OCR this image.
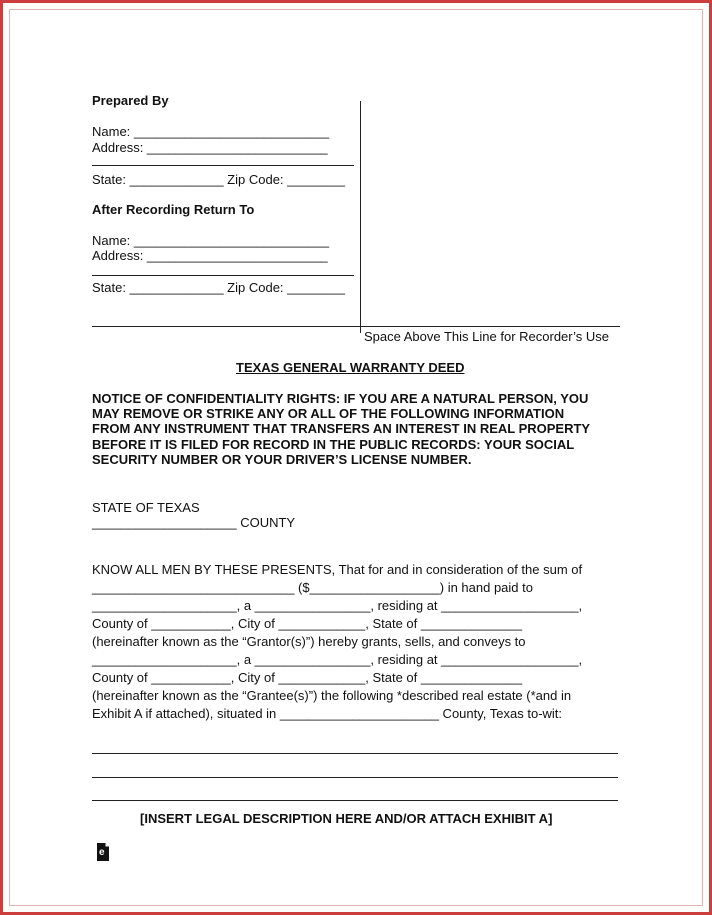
Prepared By
Name: ___________________________
Address: _________________________
State: _____________ Zip Code: ________
After Recording Return To
Name: ___________________________
Address: _________________________
State: _____________ Zip Code: ________
Space Above This Line for Recorder’s Use
TEXAS GENERAL WARRANTY DEED
NOTICE OF CONFIDENTIALITY RIGHTS: IF YOU ARE A NATURAL PERSON, YOU
MAY REMOVE OR STRIKE ANY OR ALL OF THE FOLLOWING INFORMATION
FROM ANY INSTRUMENT THAT TRANSFERS AN INTEREST IN REAL PROPERTY
BEFORE IT IS FILED FOR RECORD IN THE PUBLIC RECORDS: YOUR SOCIAL
SECURITY NUMBER OR YOUR DRIVER’S LICENSE NUMBER.
STATE OF TEXAS
____________________ COUNTY
KNOW ALL MEN BY THESE PRESENTS, That for and in consideration of the sum of
____________________________ ($__________________) in hand paid to
____________________, a ________________, residing at ___________________,
County of ___________, City of ____________, State of ______________
(hereinafter known as the “Grantor(s)”) hereby grants, sells, and conveys to
____________________, a ________________, residing at ___________________,
County of ___________, City of ____________, State of ______________
(hereinafter known as the “Grantee(s)”) the following *described real estate (*and in
Exhibit A if attached), situated in ______________________ County, Texas to-wit:
[INSERT LEGAL DESCRIPTION HERE AND/OR ATTACH EXHIBIT A]
e
